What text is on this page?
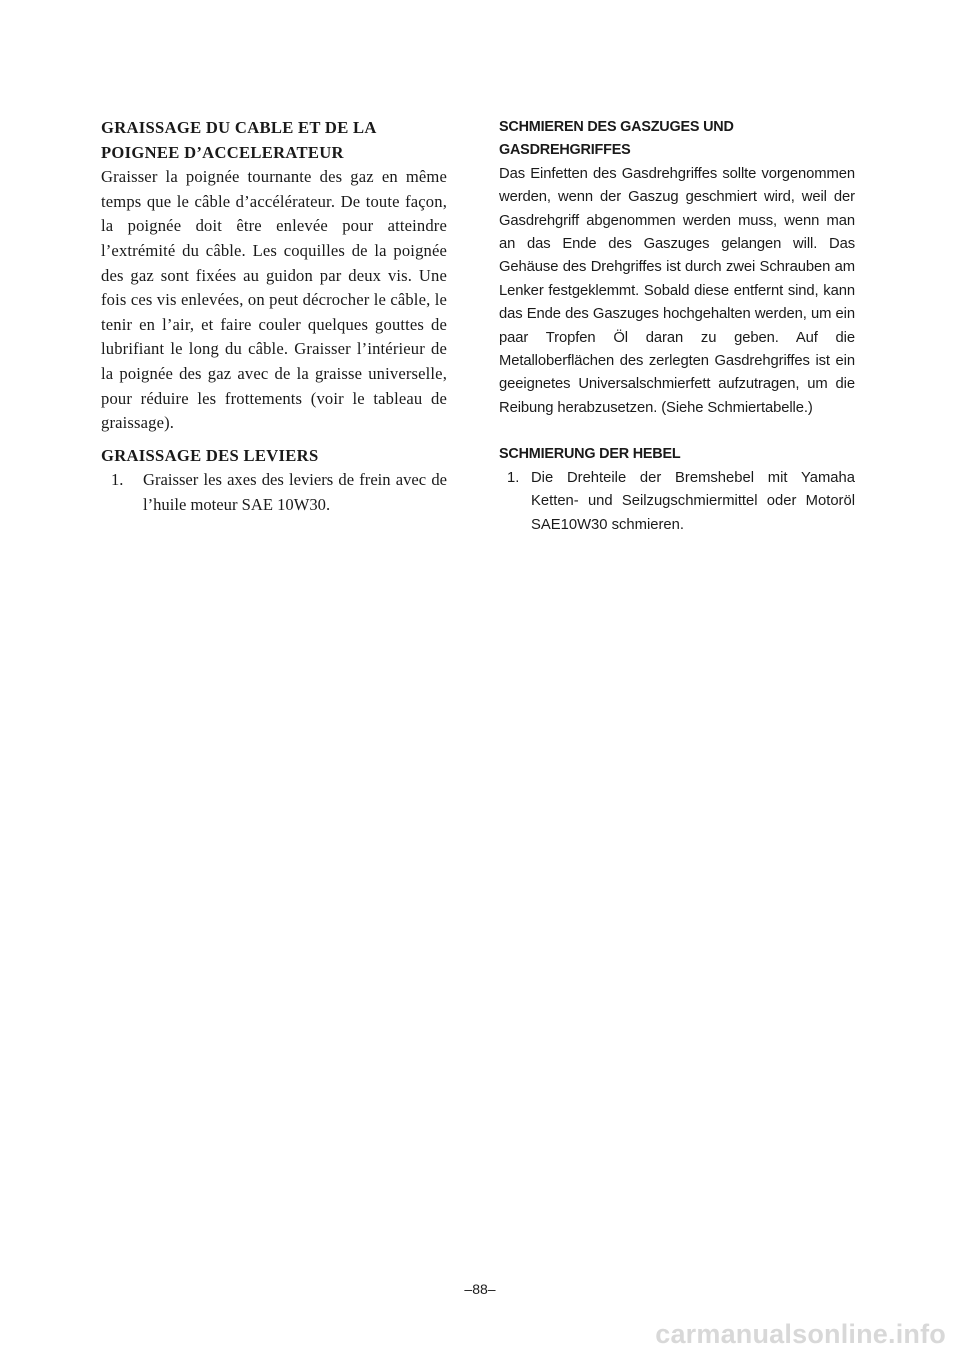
GRAISSAGE DU CABLE ET DE LA POIGNEE D’ACCELERATEUR

Graisser la poignée tournante des gaz en même temps que le câble d’accélérateur. De toute façon, la poignée doit être enlevée pour atteindre l’extrémité du câble. Les coquilles de la poignée des gaz sont fixées au guidon par deux vis. Une fois ces vis enlevées, on peut décrocher le câble, le tenir en l’air, et faire couler quelques gouttes de lubrifiant le long du câble. Graisser l’intérieur de la poignée des gaz avec de la graisse universelle, pour réduire les frottements (voir le tableau de graissage).

GRAISSAGE DES LEVIERS

1.	Graisser les axes des leviers de frein avec de l’huile moteur SAE 10W30.

SCHMIEREN DES GASZUGES UND GASDREHGRIFFES

Das Einfetten des Gasdrehgriffes sollte vorgenommen werden, wenn der Gaszug geschmiert wird, weil der Gasdrehgriff abgenommen werden muss, wenn man an das Ende des Gaszuges gelangen will. Das Gehäuse des Drehgriffes ist durch zwei Schrauben am Lenker festgeklemmt. Sobald diese entfernt sind, kann das Ende des Gaszuges hochgehalten werden, um ein paar Tropfen Öl daran zu geben. Auf die Metalloberflächen des zerlegten Gasdrehgriffes ist ein geeignetes Universalschmierfett aufzutragen, um die Reibung herabzusetzen. (Siehe Schmiertabelle.)

SCHMIERUNG DER HEBEL

1. Die Drehteile der Bremshebel mit Yamaha Ketten- und Seilzugschmiermittel oder Motoröl SAE10W30 schmieren.
–88–
carmanualsonline.info
